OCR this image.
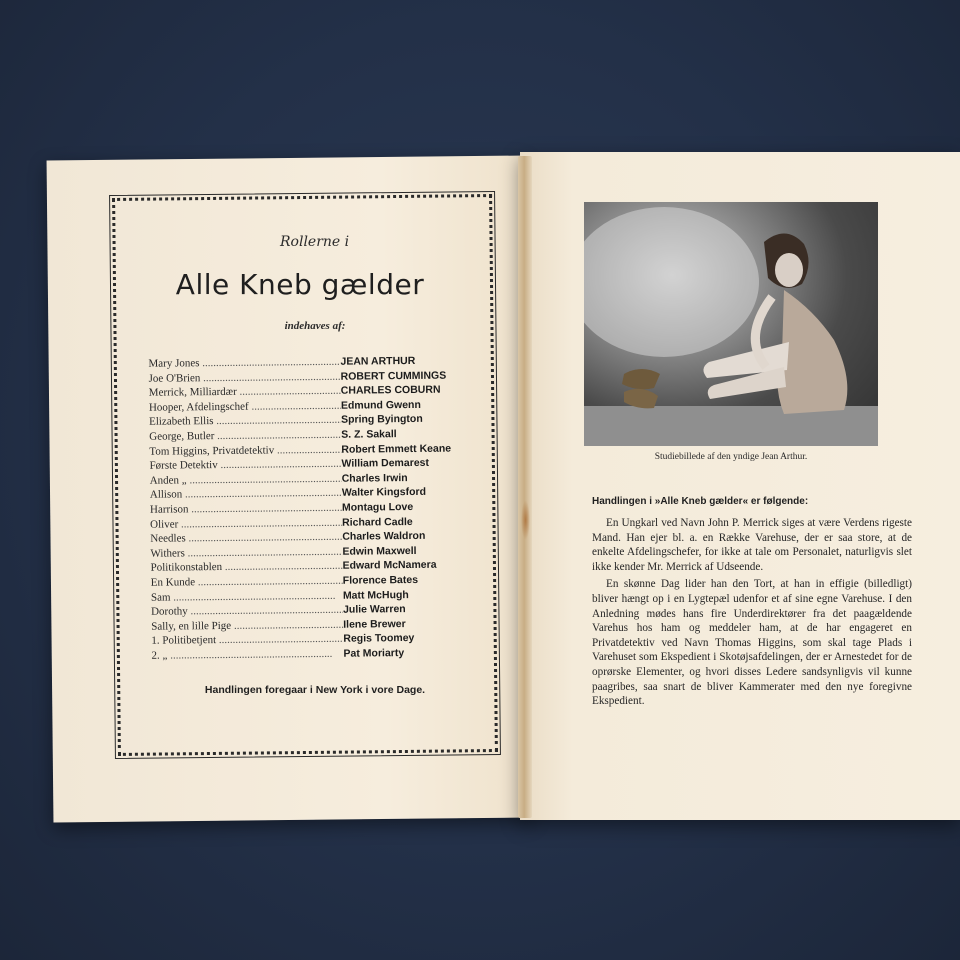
Rollerne i
Alle Kneb gælder
indehaves af:
Mary Jones .....	JEAN ARTHUR
Joe O'Brien .....	ROBERT CUMMINGS
Merrick, Milliardær .....	CHARLES COBURN
Hooper, Afdelingschef .....	Edmund Gwenn
Elizabeth Ellis .....	Spring Byington
George, Butler .....	S. Z. Sakall
Tom Higgins, Privatdetektiv .....	Robert Emmett Keane
Første Detektiv .....	William Demarest
Anden „ .....	Charles Irwin
Allison .....	Walter Kingsford
Harrison .....	Montagu Love
Oliver .....	Richard Cadle
Needles .....	Charles Waldron
Withers .....	Edwin Maxwell
Politikonstablen .....	Edward McNamera
En Kunde .....	Florence Bates
Sam .....	Matt McHugh
Dorothy .....	Julie Warren
Sally, en lille Pige .....	Ilene Brewer
1. Politibetjent .....	Regis Toomey
2. „ .....	Pat Moriarty
Handlingen foregaar i New York i vore Dage.
Studiebillede af den yndige Jean Arthur.
Handlingen i »Alle Kneb gælder« er følgende:

En Ungkarl ved Navn John P. Merrick siges at være Verdens rigeste Mand. Han ejer bl. a. en Række Varehuse, der er saa store, at de enkelte Afdelingschefer, for ikke at tale om Personalet, naturligvis slet ikke kender Mr. Merrick af Udseende.

En skønne Dag lider han den Tort, at han in effigie (billedligt) bliver hængt op i en Lygtepæl udenfor et af sine egne Varehuse. I den Anledning mødes hans fire Underdirektører fra det paagældende Varehus hos ham og meddeler ham, at de har engageret en Privatdetektiv ved Navn Thomas Higgins, som skal tage Plads i Varehuset som Ekspedient i Skotøjsafdelingen, der er Arnestedet for de oprørske Elementer, og hvori disses Ledere sandsynligvis vil kunne paagribes, saa snart de bliver Kammerater med den nye foregivne Ekspedient.
